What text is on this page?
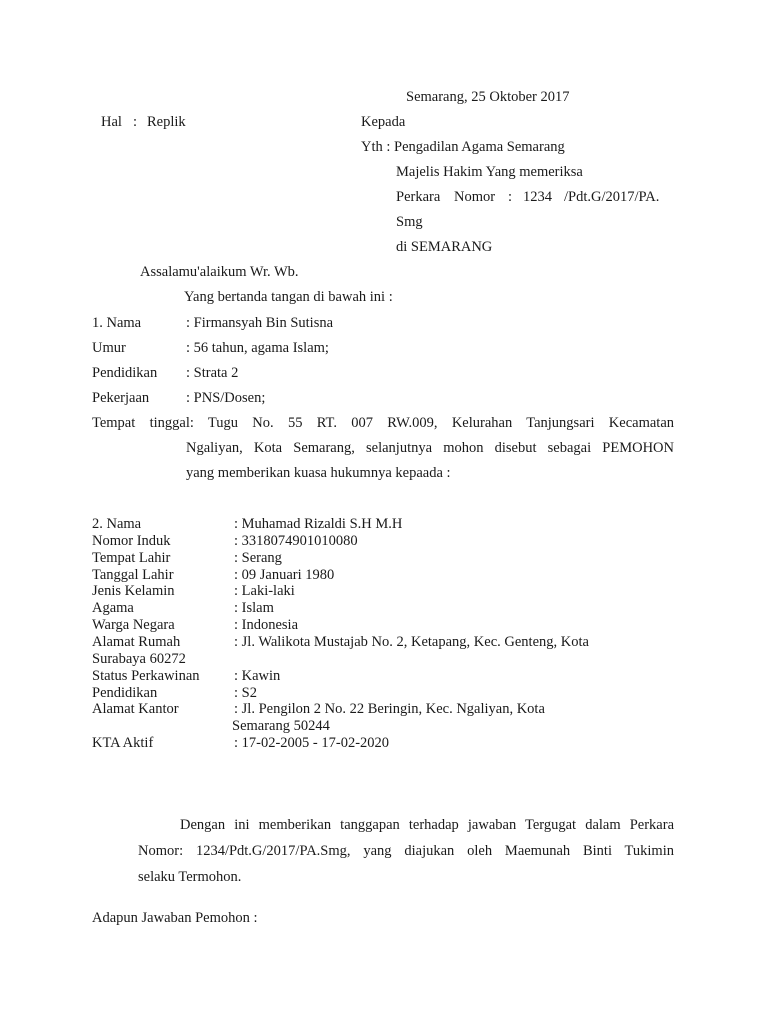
Semarang, 25 Oktober 2017
Hal : Replik	Kepada
Yth : Pengadilan Agama Semarang
Majelis Hakim Yang memeriksa
Perkara Nomor : 1234 /Pdt.G/2017/PA.
Smg
di SEMARANG
Assalamu'alaikum Wr. Wb.
Yang bertanda tangan di bawah ini :
1. Nama	: Firmansyah Bin Sutisna
Umur	: 56 tahun, agama Islam;
Pendidikan : Strata 2
Pekerjaan	: PNS/Dosen;
Tempat tinggal: Tugu No. 55 RT. 007 RW.009, Kelurahan Tanjungsari Kecamatan
Ngaliyan, Kota Semarang, selanjutnya mohon disebut sebagai PEMOHON
yang memberikan kuasa hukumnya kepaada :
2. Nama	: Muhamad Rizaldi S.H M.H
Nomor Induk	: 3318074901010080
Tempat Lahir	: Serang
Tanggal Lahir	: 09 Januari 1980
Jenis Kelamin	: Laki-laki
Agama	: Islam
Warga Negara	: Indonesia
Alamat Rumah	: Jl. Walikota Mustajab No. 2, Ketapang, Kec. Genteng, Kota
Surabaya 60272
Status Perkawinan : Kawin
Pendidikan	: S2
Alamat Kantor	: Jl. Pengilon 2 No. 22 Beringin, Kec. Ngaliyan, Kota
Semarang 50244
KTA Aktif	: 17-02-2005 - 17-02-2020
Dengan ini memberikan tanggapan terhadap jawaban Tergugat dalam Perkara
Nomor: 1234/Pdt.G/2017/PA.Smg, yang diajukan oleh Maemunah Binti Tukimin
selaku Termohon.
Adapun Jawaban Pemohon :
